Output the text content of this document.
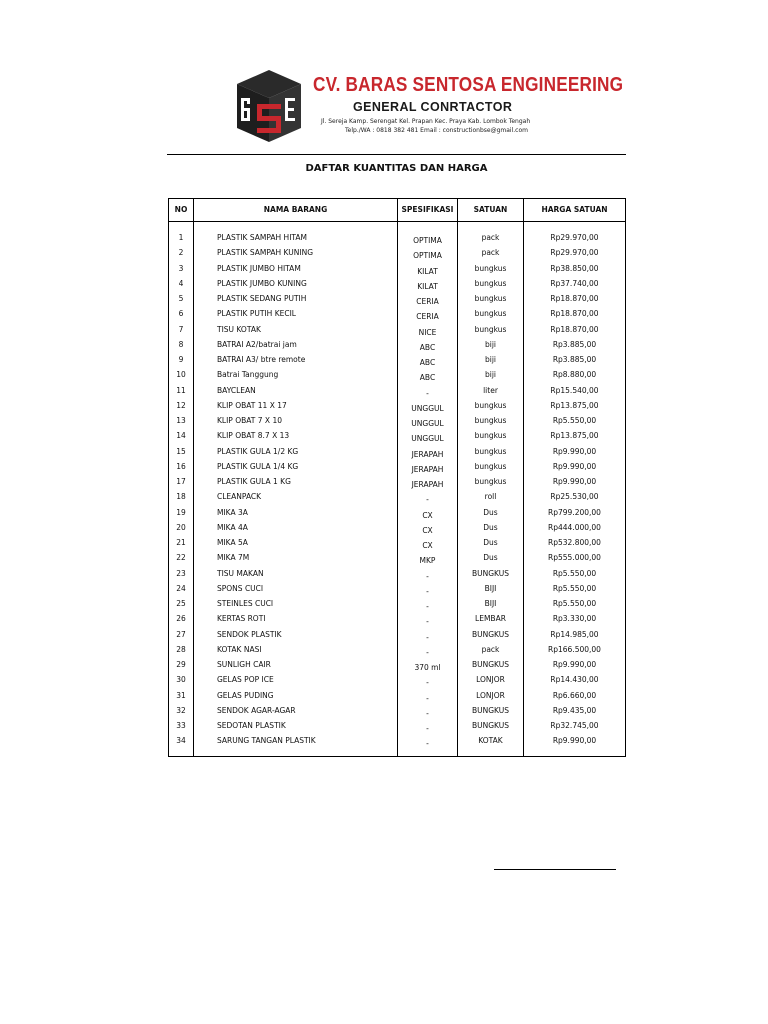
CV. BARAS SENTOSA ENGINEERING
GENERAL CONRTACTOR
Jl. Sereja Kamp. Serengat Kel. Prapan Kec. Praya Kab. Lombok Tengah
Telp./WA : 0818 382 481 Email : constructionbse@gmail.com
DAFTAR KUANTITAS DAN HARGA
NO	NAMA BARANG	SPESIFIKASI	SATUAN	HARGA SATUAN
1	PLASTIK SAMPAH HITAM	OPTIMA	pack	Rp29.970,00
2	PLASTIK SAMPAH KUNING	OPTIMA	pack	Rp29.970,00
3	PLASTIK JUMBO HITAM	KILAT	bungkus	Rp38.850,00
4	PLASTIK JUMBO KUNING	KILAT	bungkus	Rp37.740,00
5	PLASTIK SEDANG PUTIH	CERIA	bungkus	Rp18.870,00
6	PLASTIK PUTIH KECIL	CERIA	bungkus	Rp18.870,00
7	TISU KOTAK	NICE	bungkus	Rp18.870,00
8	BATRAI A2/batrai jam	ABC	biji	Rp3.885,00
9	BATRAI A3/ btre remote	ABC	biji	Rp3.885,00
10	Batrai Tanggung	ABC	biji	Rp8.880,00
11	BAYCLEAN	-	liter	Rp15.540,00
12	KLIP OBAT 11 X 17	UNGGUL	bungkus	Rp13.875,00
13	KLIP OBAT 7 X 10	UNGGUL	bungkus	Rp5.550,00
14	KLIP OBAT 8.7 X 13	UNGGUL	bungkus	Rp13.875,00
15	PLASTIK GULA 1/2 KG	JERAPAH	bungkus	Rp9.990,00
16	PLASTIK GULA 1/4 KG	JERAPAH	bungkus	Rp9.990,00
17	PLASTIK GULA 1 KG	JERAPAH	bungkus	Rp9.990,00
18	CLEANPACK	-	roll	Rp25.530,00
19	MIKA 3A	CX	Dus	Rp799.200,00
20	MIKA 4A	CX	Dus	Rp444.000,00
21	MIKA 5A	CX	Dus	Rp532.800,00
22	MIKA 7M	MKP	Dus	Rp555.000,00
23	TISU MAKAN	-	BUNGKUS	Rp5.550,00
24	SPONS CUCI	-	BIJI	Rp5.550,00
25	STEINLES CUCI	-	BIJI	Rp5.550,00
26	KERTAS ROTI	-	LEMBAR	Rp3.330,00
27	SENDOK PLASTIK	-	BUNGKUS	Rp14.985,00
28	KOTAK NASI	-	pack	Rp166.500,00
29	SUNLIGH CAIR	370 ml	BUNGKUS	Rp9.990,00
30	GELAS POP ICE	-	LONJOR	Rp14.430,00
31	GELAS PUDING	-	LONJOR	Rp6.660,00
32	SENDOK AGAR-AGAR	-	BUNGKUS	Rp9.435,00
33	SEDOTAN PLASTIK	-	BUNGKUS	Rp32.745,00
34	SARUNG TANGAN PLASTIK	-	KOTAK	Rp9.990,00
